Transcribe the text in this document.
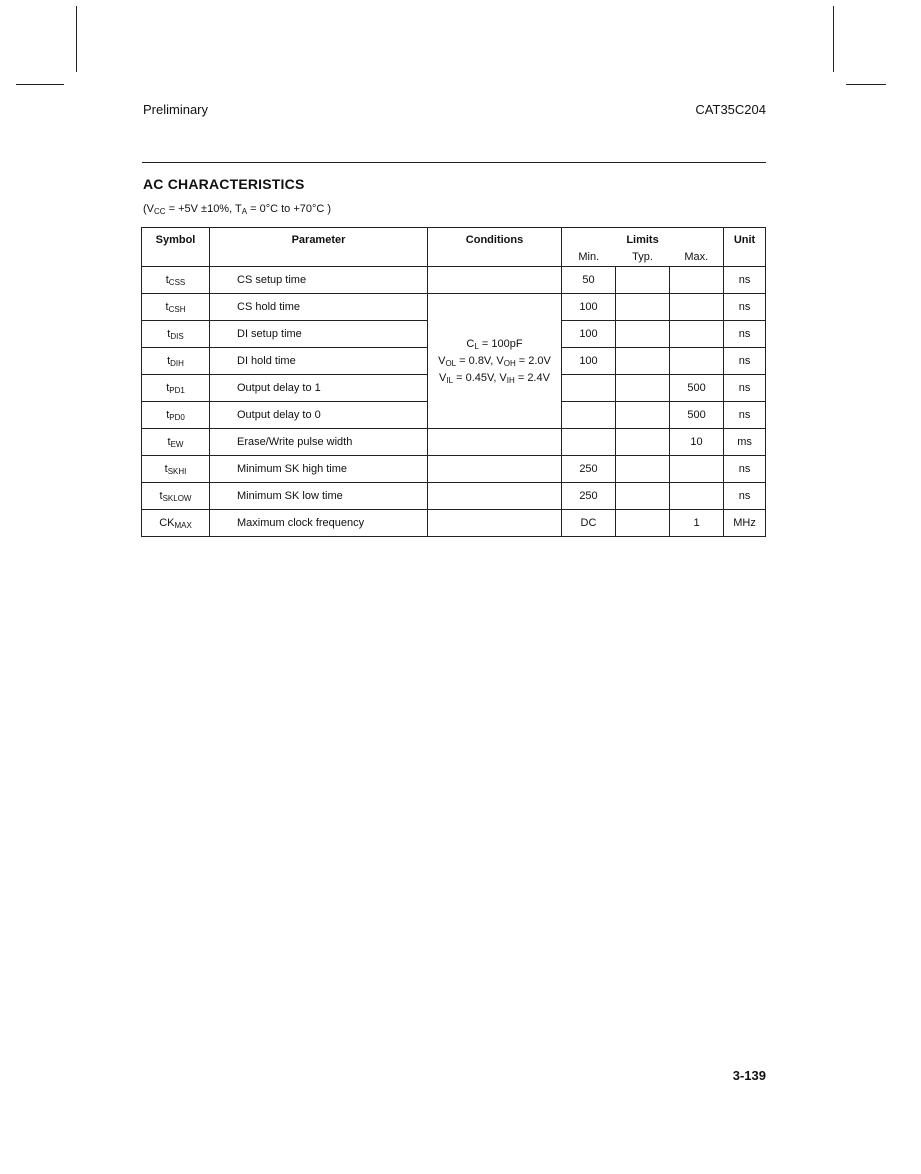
Preliminary	CAT35C204
AC CHARACTERISTICS
($V_{CC} = +5V \pm 10\%$, $T_A = 0^\circ C$ to +70°C )
Symbol	Parameter	Conditions	Limits			Unit
			Min.	Typ.	Max.	
$t_{CSS}$	CS setup time		50			ns
$t_{CSH}$	CS hold time	$C_L = 100pF$
$V_{OL} = 0.8V$, $V_{OH} = 2.0V$
$V_{IL} = 0.45V$, $V_{IH} = 2.4V$	100			ns
$t_{DIS}$	DI setup time		100			ns
$t_{DIH}$	DI hold time		100			ns
$t_{PD1}$	Output delay to 1				500	ns
$t_{PD0}$	Output delay to 0				500	ns
$t_{EW}$	Erase/Write pulse width				10	ms
$t_{SKHI}$	Minimum SK high time		250			ns
$t_{SKLOW}$	Minimum SK low time		250			ns
$CK_{MAX}$	Maximum clock frequency		DC		1	MHz
3-139
